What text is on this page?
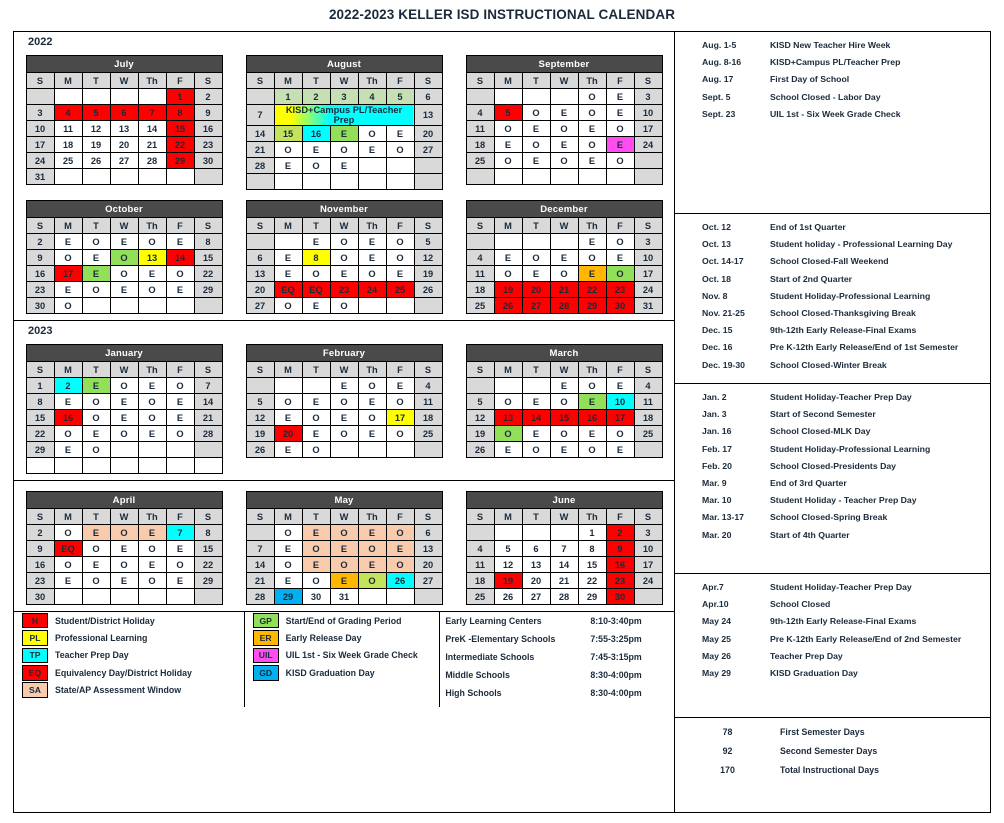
2022-2023 KELLER ISD INSTRUCTIONAL CALENDAR
2022
July						
S	M	T	W	Th	F	S
					1	2
3	4	5	6	7	8	9
10	11	12	13	14	15	16
17	18	19	20	21	22	23
24	25	26	27	28	29	30
31						
August						
S	M	T	W	Th	F	S
	1	2	3	4	5	6
7	KISD+Campus PL/Teacher Prep					13
14	15	16	E	O	E	20
21	O	E	O	E	O	27
28	E	O	E			

September						
S	M	T	W	Th	F	S
				O	E	3
4	5	O	E	O	E	10
11	O	E	O	E	O	17
18	E	O	E	O	E	24
25	O	E	O	E	O	

October						
S	M	T	W	Th	F	S
2	E	O	E	O	E	8
9	O	E	O	13	14	15
16	17	E	O	E	O	22
23	E	O	E	O	E	29
30	O					
November						
S	M	T	W	Th	F	S
		E	O	E	O	5
6	E	8	O	E	O	12
13	E	O	E	O	E	19
20	EQ	EQ	23	24	25	26
27	O	E	O			
December						
S	M	T	W	Th	F	S
				E	O	3
4	E	O	E	O	E	10
11	O	E	O	E	O	17
18	19	20	21	22	23	24
25	26	27	28	29	30	31
2023
January						
S	M	T	W	Th	F	S
1	2	E	O	E	O	7
8	E	O	E	O	E	14
15	16	O	E	O	E	21
22	O	E	O	E	O	28
29	E	O				

February						
S	M	T	W	Th	F	S
			E	O	E	4
5	O	E	O	E	O	11
12	E	O	E	O	17	18
19	20	E	O	E	O	25
26	E	O				
March						
S	M	T	W	Th	F	S
			E	O	E	4
5	O	E	O	E	10	11
12	13	14	15	16	17	18
19	O	E	O	E	O	25
26	E	O	E	O	E	
April						
S	M	T	W	Th	F	S
2	O	E	O	E	7	8
9	EQ	O	E	O	E	15
16	O	E	O	E	O	22
23	E	O	E	O	E	29
30						
May						
S	M	T	W	Th	F	S
	O	E	O	E	O	6
7	E	O	E	O	E	13
14	O	E	O	E	O	20
21	E	O	E	O	26	27
28	29	30	31			
June						
S	M	T	W	Th	F	S
				1	2	3
4	5	6	7	8	9	10
11	12	13	14	15	16	17
18	19	20	21	22	23	24
25	26	27	28	29	30	
H	Student/District Holiday
PL	Professional Learning
TP	Teacher Prep Day
EQ	Equivalency Day/District Holiday
SA	State/AP Assessment Window
GP	Start/End of Grading Period
ER	Early Release Day
UIL	UIL 1st - Six Week Grade Check
GD	KISD Graduation Day
Early Learning Centers	8:10-3:40pm
PreK -Elementary Schools	7:55-3:25pm
Intermediate Schools	7:45-3:15pm
Middle Schools	8:30-4:00pm
High Schools	8:30-4:00pm
Aug. 1-5	KISD New Teacher Hire Week
Aug. 8-16	KISD+Campus PL/Teacher Prep
Aug. 17	First Day of School
Sept. 5	School Closed - Labor Day
Sept. 23	UIL 1st - Six Week Grade Check
Oct. 12	End of 1st Quarter
Oct. 13	Student holiday - Professional Learning Day
Oct. 14-17	School Closed-Fall Weekend
Oct. 18	Start of 2nd Quarter
Nov. 8	Student Holiday-Professional Learning
Nov. 21-25	School Closed-Thanksgiving Break
Dec. 15	9th-12th Early Release-Final Exams
Dec. 16	Pre K-12th Early Release/End of 1st Semester
Dec. 19-30	School Closed-Winter Break
Jan. 2	Student Holiday-Teacher Prep Day
Jan. 3	Start of Second Semester
Jan. 16	School Closed-MLK Day
Feb. 17	Student Holiday-Professional Learning
Feb. 20	School Closed-Presidents Day
Mar. 9	End of 3rd Quarter
Mar. 10	Student Holiday - Teacher Prep Day
Mar. 13-17	School Closed-Spring Break
Mar. 20	Start of 4th Quarter
Apr.7	Student Holiday-Teacher Prep Day
Apr.10	School Closed
May 24	9th-12th Early Release-Final Exams
May 25	Pre K-12th Early Release/End of 2nd Semester
May 26	Teacher Prep Day
May 29	KISD Graduation Day
78	First Semester Days
92	Second Semester Days
170	Total Instructional Days
